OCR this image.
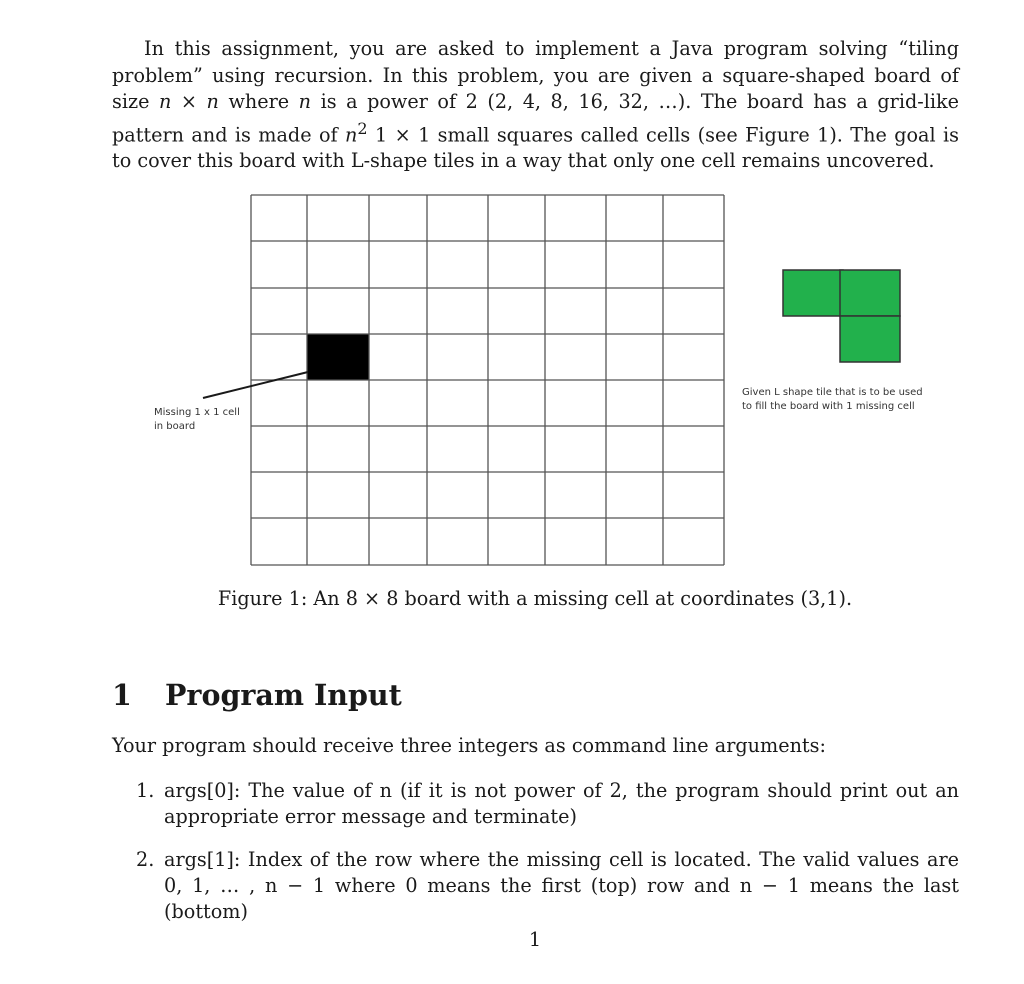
In this assignment, you are asked to implement a Java program solving “tiling problem” using recursion. In this problem, you are given a square-shaped board of size n × n where n is a power of 2 (2, 4, 8, 16, 32, …). The board has a grid-like pattern and is made of $n^2$ 1 × 1 small squares called cells (see Figure 1). The goal is to cover this board with L-shape tiles in a way that only one cell remains uncovered.

Missing 1 x 1 cell
in board
Given L shape tile that is to be used
to fill the board with 1 missing cell

Figure 1: An 8 × 8 board with a missing cell at coordinates (3,1).

1 Program Input

Your program should receive three integers as command line arguments:

1. args[0]: The value of n (if it is not power of 2, the program should print out an appropriate error message and terminate)
2. args[1]: Index of the row where the missing cell is located. The valid values are 0, 1, … , n − 1 where 0 means the first (top) row and n − 1 means the last (bottom)

1
